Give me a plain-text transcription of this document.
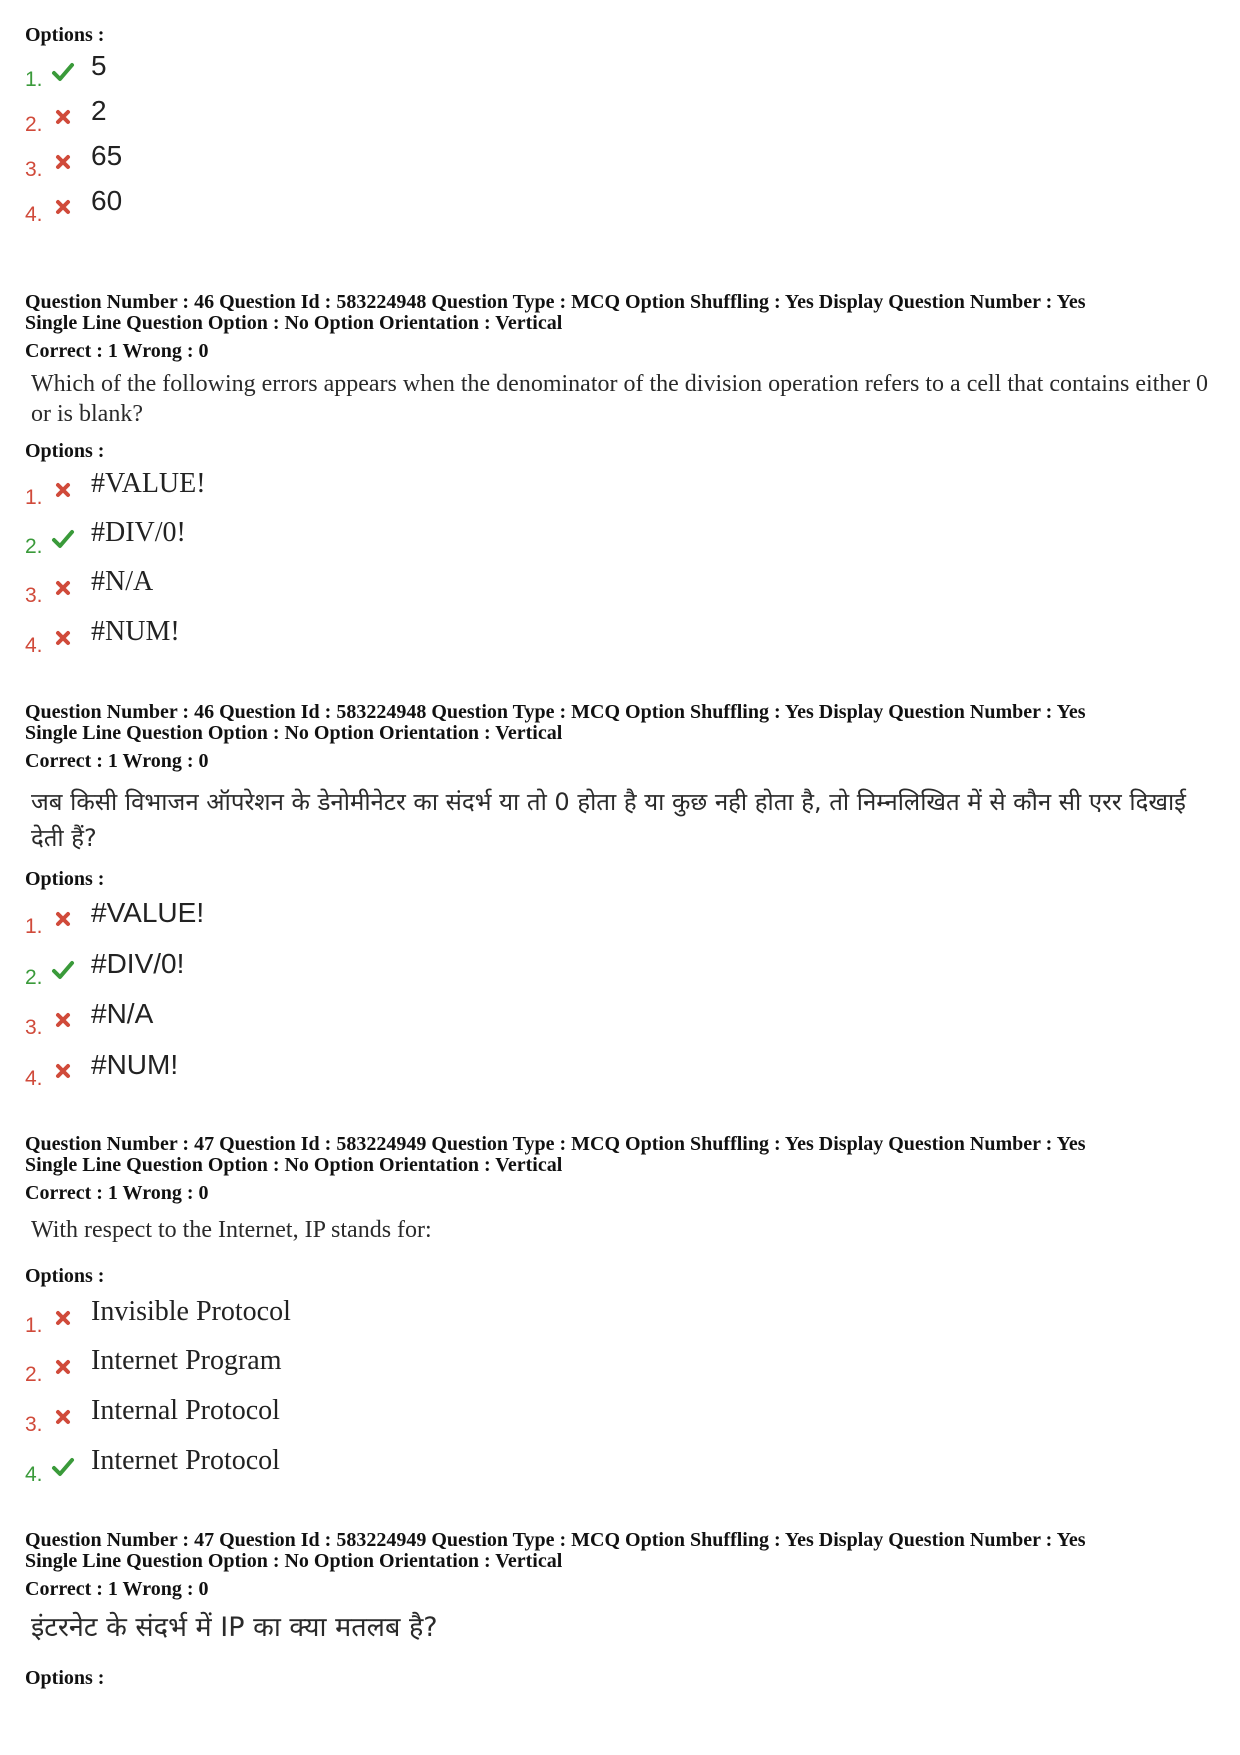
Options :
1. 5
2. 2
3. 65
4. 60
Question Number : 46 Question Id : 583224948 Question Type : MCQ Option Shuffling : Yes Display Question Number : Yes
Single Line Question Option : No Option Orientation : Vertical
Correct : 1 Wrong : 0
Which of the following errors appears when the denominator of the division operation refers to a cell that contains either 0 or is blank?
Options :
1. #VALUE!
2. #DIV/0!
3. #N/A
4. #NUM!
Question Number : 46 Question Id : 583224948 Question Type : MCQ Option Shuffling : Yes Display Question Number : Yes
Single Line Question Option : No Option Orientation : Vertical
Correct : 1 Wrong : 0
जब किसी विभाजन ऑपरेशन के डेनोमीनेटर का संदर्भ या तो 0 होता है या कुछ नही होता है, तो निम्नलिखित में से कौन सी एरर दिखाई देती हैं?
Options :
1. #VALUE!
2. #DIV/0!
3. #N/A
4. #NUM!
Question Number : 47 Question Id : 583224949 Question Type : MCQ Option Shuffling : Yes Display Question Number : Yes
Single Line Question Option : No Option Orientation : Vertical
Correct : 1 Wrong : 0
With respect to the Internet, IP stands for:
Options :
1. Invisible Protocol
2. Internet Program
3. Internal Protocol
4. Internet Protocol
Question Number : 47 Question Id : 583224949 Question Type : MCQ Option Shuffling : Yes Display Question Number : Yes
Single Line Question Option : No Option Orientation : Vertical
Correct : 1 Wrong : 0
इंटरनेट के संदर्भ में IP का क्या मतलब है?
Options :
